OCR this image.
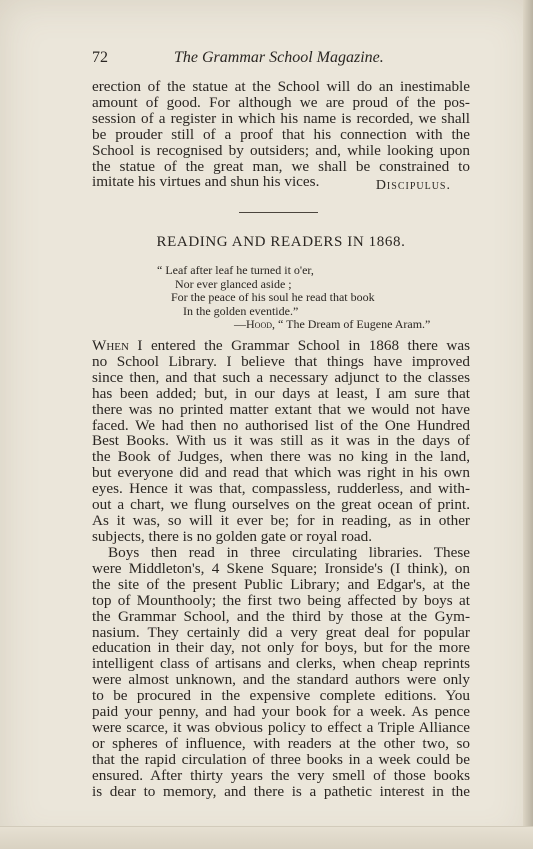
72	The Grammar School Magazine.

erection of the statue at the School will do an inestimable

amount of good. For although we are proud of the pos-

session of a register in which his name is recorded, we shall

be prouder still of a proof that his connection with the

School is recognised by outsiders; and, while looking upon

the statue of the great man, we shall be constrained to

imitate his virtues and shun his vices.	Discipulus.
READING AND READERS IN 1868.
“ Leaf after leaf he turned it o'er,
Nor ever glanced aside ;
For the peace of his soul he read that book
In the golden eventide.”
—Hood, “ The Dream of Eugene Aram.”

When I entered the Grammar School in 1868 there was

no School Library. I believe that things have improved

since then, and that such a necessary adjunct to the classes

has been added; but, in our days at least, I am sure that

there was no printed matter extant that we would not have

faced. We had then no authorised list of the One Hundred

Best Books. With us it was still as it was in the days of

the Book of Judges, when there was no king in the land,

but everyone did and read that which was right in his own

eyes. Hence it was that, compassless, rudderless, and with-

out a chart, we flung ourselves on the great ocean of print.

As it was, so will it ever be; for in reading, as in other

subjects, there is no golden gate or royal road.

Boys then read in three circulating libraries. These

were Middleton's, 4 Skene Square; Ironside's (I think), on

the site of the present Public Library; and Edgar's, at the

top of Mounthooly; the first two being affected by boys at

the Grammar School, and the third by those at the Gym-

nasium. They certainly did a very great deal for popular

education in their day, not only for boys, but for the more

intelligent class of artisans and clerks, when cheap reprints

were almost unknown, and the standard authors were only

to be procured in the expensive complete editions. You

paid your penny, and had your book for a week. As pence

were scarce, it was obvious policy to effect a Triple Alliance

or spheres of influence, with readers at the other two, so

that the rapid circulation of three books in a week could be

ensured. After thirty years the very smell of those books

is dear to memory, and there is a pathetic interest in the
